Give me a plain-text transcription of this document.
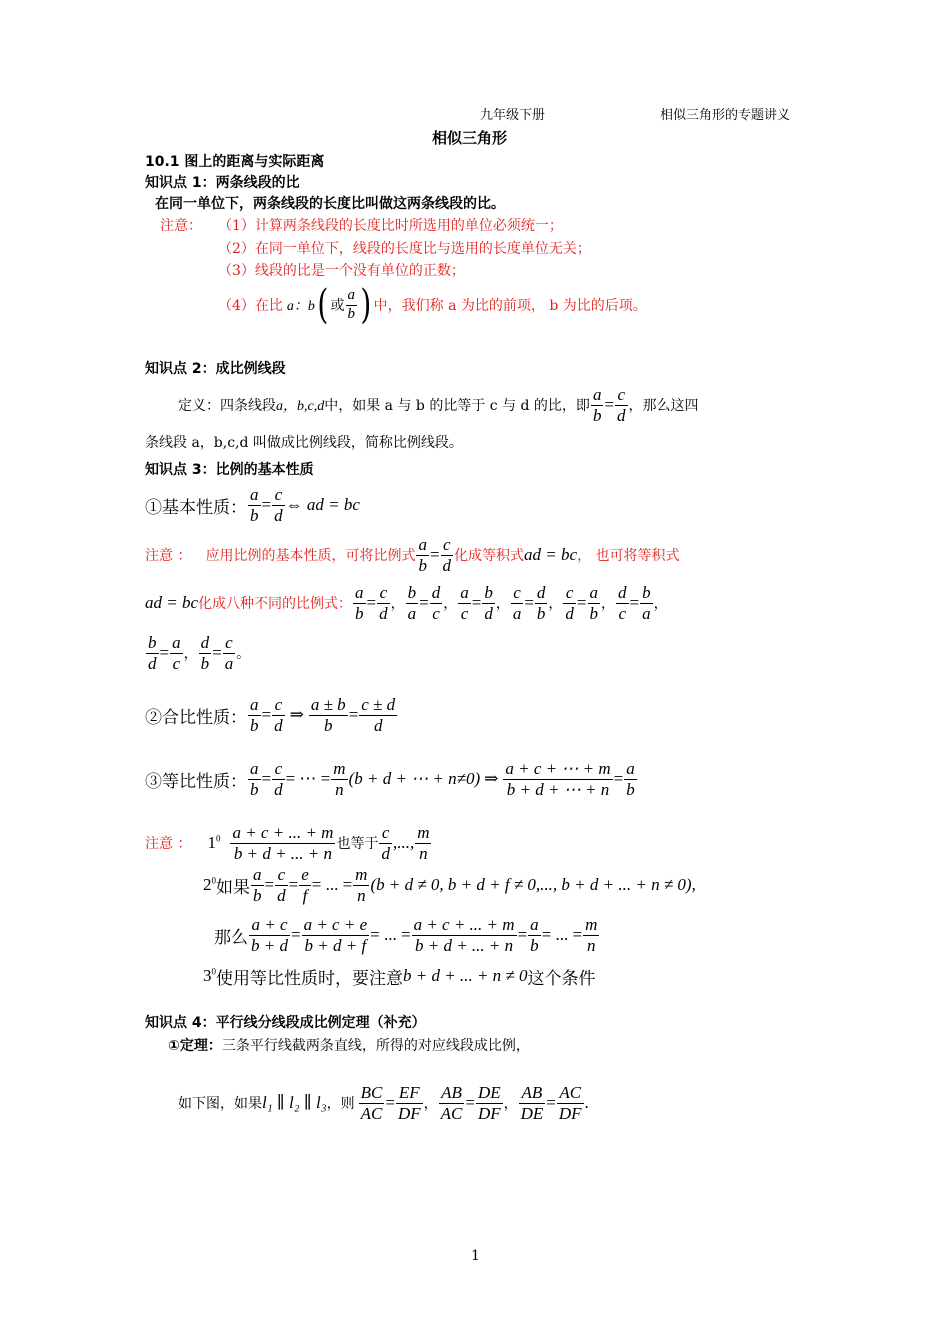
九年级下册	相似三角形的专题讲义
相似三角形
10.1 图上的距离与实际距离
知识点 1：两条线段的比
在同一单位下，两条线段的长度比叫做这两条线段的比。
注意： （1）计算两条线段的长度比时所选用的单位必须统一；
（2）在同一单位下，线段的长度比与选用的长度单位无关；
（3）线段的比是一个没有单位的正数；
（4）在比 a：b ( 或 $\frac{a}{b}$ ) 中，我们称 a 为比的前项， b 为比的后项。
知识点 2：成比例线段
定义：四条线段 a，b,c,d 中，如果 a 与 b 的比等于 c 与 d 的比，即 $\frac{a}{b} = \frac{c}{d}$ ，那么这四
条线段 a，b,c,d 叫做成比例线段，简称比例线段。
知识点 3：比例的基本性质
①基本性质： $\frac{a}{b} = \frac{c}{d}$ ⇔ ad = bc
注意 ： 应用比例的基本性质，可将比例式 $\frac{a}{b} = \frac{c}{d}$ 化成等积式 ad = bc ， 也可将等积式
ad = bc 化成八种不同的比例式： $\frac{a}{b} = \frac{c}{d}$ ， $\frac{b}{a} = \frac{d}{c}$ ， $\frac{a}{c} = \frac{b}{d}$ ， $\frac{c}{a} = \frac{d}{b}$ ， $\frac{c}{d} = \frac{a}{b}$ ， $\frac{d}{c} = \frac{b}{a}$ ，
$\frac{b}{d} = \frac{a}{c}$ ， $\frac{d}{b} = \frac{c}{a}$ 。
②合比性质： $\frac{a}{b} = \frac{c}{d}$ ⇒ $\frac{a \pm b}{b} = \frac{c \pm d}{d}$
③等比性质： $\frac{a}{b} = \frac{c}{d}$ = ⋯ = $\frac{m}{n} (b + d$ + ⋯ + n≠0) ⇒ $\frac{a + c + \cdots + m}{b + d + \cdots + n} = \frac{a}{b}$
注意 ： $1^0 \frac{a + c + ... + m}{b + d + ... + n}$ 也等于 $\frac{c}{d}$ ,..., $\frac{m}{n}$
$2^0$ 如果 $\frac{a}{b} = \frac{c}{d} = \frac{e}{f}$ = ... = $\frac{m}{n} (b + d \ne 0$, b + d + f ≠ 0,..., b + d + ... + n ≠ 0),
那么 $\frac{a + c}{b + d} = \frac{a + c + e}{b + d + f}$ = ... = $\frac{a + c + ... + m}{b + d + ... + n} = \frac{a}{b}$ = ... = $\frac{m}{n}$
$3^0$ 使用等比性质时，要注意 b + d + ... + n ≠ 0 这个条件
知识点 4：平行线分线段成比例定理（补充）
①定理：三条平行线截两条直线，所得的对应线段成比例，
如下图，如果 l₁ ∥ l₂ ∥ l₃ ，则 $\frac{BC}{AC} = \frac{EF}{DF}$ ， $\frac{AB}{AC} = \frac{DE}{DF}$ ， $\frac{AB}{DE} = \frac{AC}{DF}$ .
1
